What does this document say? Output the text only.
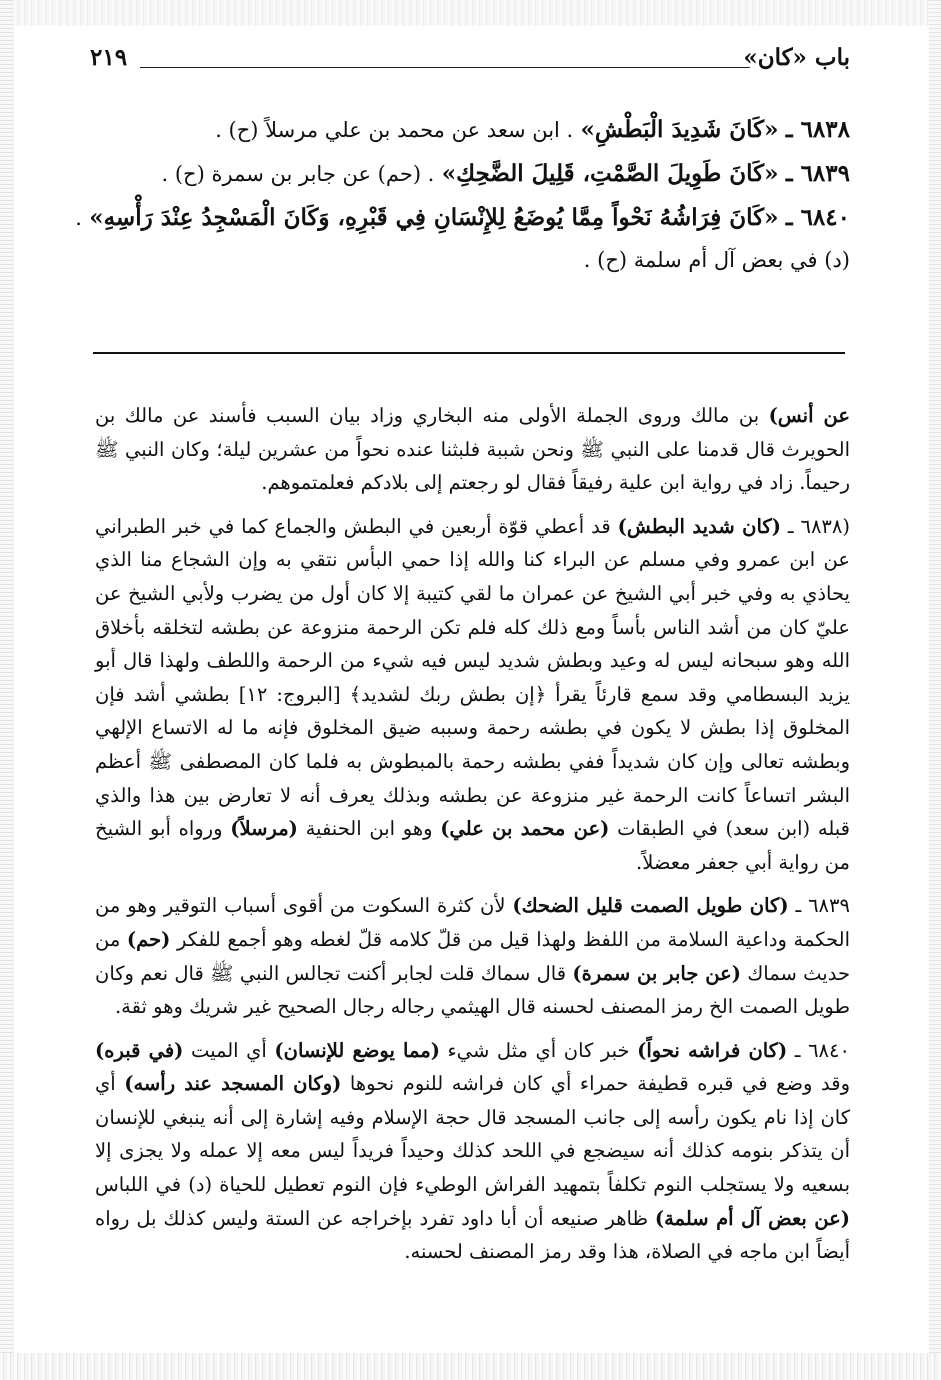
باب «كان»
٢١٩
٦٨٣٨ ـ «كَانَ شَدِيدَ الْبَطْشِ» . ابن سعد عن محمد بن علي مرسلاً (ح) .
٦٨٣٩ ـ «كَانَ طَوِيلَ الصَّمْتِ، قَلِيلَ الضَّحِكِ» . (حم) عن جابر بن سمرة (ح) .
٦٨٤٠ ـ «كَانَ فِرَاشُهُ نَحْواً مِمَّا يُوضَعُ لِلإِنْسَانِ فِي قَبْرِهِ، وَكَانَ الْمَسْجِدُ عِنْدَ رَأْسِهِ» .
(د) في بعض آل أم سلمة (ح) .

عن أنس) بن مالك وروى الجملة الأولى منه البخاري وزاد بيان السبب فأسند عن مالك بن الحويرث قال قدمنا على النبي ﷺ ونحن شببة فلبثنا عنده نحواً من عشرين ليلة؛ وكان النبي ﷺ رحيماً. زاد في رواية ابن علية رفيقاً فقال لو رجعتم إلى بلادكم فعلمتموهم.

(٦٨٣٨ ـ (كان شديد البطش) قد أعطي قوّة أربعين في البطش والجماع كما في خبر الطبراني عن ابن عمرو وفي مسلم عن البراء كنا والله إذا حمي البأس نتقي به وإن الشجاع منا الذي يحاذي به وفي خبر أبي الشيخ عن عمران ما لقي كتيبة إلا كان أول من يضرب ولأبي الشيخ عن عليّ كان من أشد الناس بأساً ومع ذلك كله فلم تكن الرحمة منزوعة عن بطشه لتخلقه بأخلاق الله وهو سبحانه ليس له وعيد وبطش شديد ليس فيه شيء من الرحمة واللطف ولهذا قال أبو يزيد البسطامي وقد سمع قارئاً يقرأ ﴿إن بطش ربك لشديد﴾ [البروج: ١٢] بطشي أشد فإن المخلوق إذا بطش لا يكون في بطشه رحمة وسببه ضيق المخلوق فإنه ما له الاتساع الإلهي وبطشه تعالى وإن كان شديداً ففي بطشه رحمة بالمبطوش به فلما كان المصطفى ﷺ أعظم البشر اتساعاً كانت الرحمة غير منزوعة عن بطشه وبذلك يعرف أنه لا تعارض بين هذا والذي قبله (ابن سعد) في الطبقات (عن محمد بن علي) وهو ابن الحنفية (مرسلاً) ورواه أبو الشيخ من رواية أبي جعفر معضلاً.

٦٨٣٩ ـ (كان طويل الصمت قليل الضحك) لأن كثرة السكوت من أقوى أسباب التوقير وهو من الحكمة وداعية السلامة من اللفظ ولهذا قيل من قلّ كلامه قلّ لغطه وهو أجمع للفكر (حم) من حديث سماك (عن جابر بن سمرة) قال سماك قلت لجابر أكنت تجالس النبي ﷺ قال نعم وكان طويل الصمت الخ رمز المصنف لحسنه قال الهيثمي رجاله رجال الصحيح غير شريك وهو ثقة.

٦٨٤٠ ـ (كان فراشه نحواً) خبر كان أي مثل شيء (مما يوضع للإنسان) أي الميت (في قبره) وقد وضع في قبره قطيفة حمراء أي كان فراشه للنوم نحوها (وكان المسجد عند رأسه) أي كان إذا نام يكون رأسه إلى جانب المسجد قال حجة الإسلام وفيه إشارة إلى أنه ينبغي للإنسان أن يتذكر بنومه كذلك أنه سيضجع في اللحد كذلك وحيداً فريداً ليس معه إلا عمله ولا يجزى إلا بسعيه ولا يستجلب النوم تكلفاً بتمهيد الفراش الوطيء فإن النوم تعطيل للحياة (د) في اللباس (عن بعض آل أم سلمة) ظاهر صنيعه أن أبا داود تفرد بإخراجه عن الستة وليس كذلك بل رواه أيضاً ابن ماجه في الصلاة، هذا وقد رمز المصنف لحسنه.
